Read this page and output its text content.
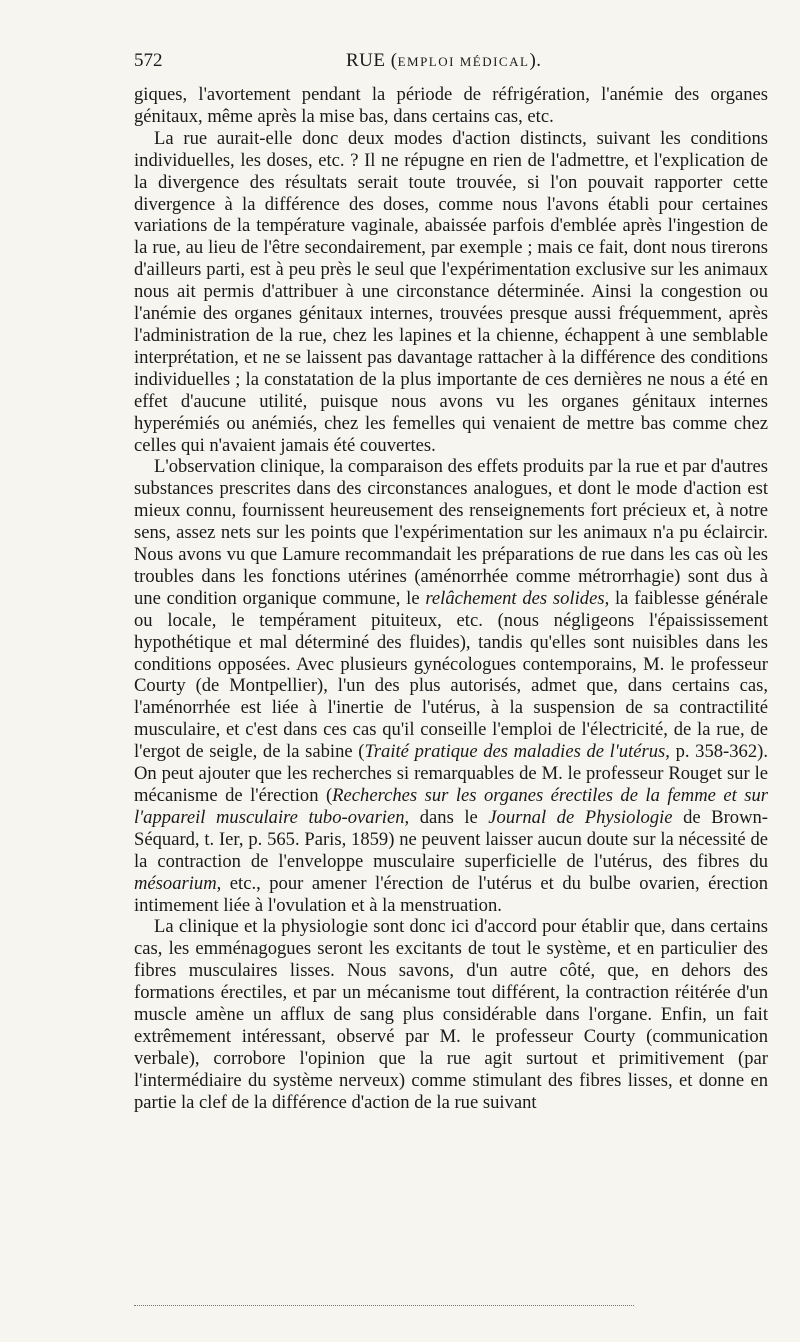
572	RUE (EMPLOI MÉDICAL).

giques, l'avortement pendant la période de réfrigération, l'anémie des organes génitaux, même après la mise bas, dans certains cas, etc.

La rue aurait-elle donc deux modes d'action distincts, suivant les conditions individuelles, les doses, etc. ? Il ne répugne en rien de l'admettre, et l'explication de la divergence des résultats serait toute trouvée, si l'on pouvait rapporter cette divergence à la différence des doses, comme nous l'avons établi pour certaines variations de la température vaginale, abaissée parfois d'emblée après l'ingestion de la rue, au lieu de l'être secondairement, par exemple ; mais ce fait, dont nous tirerons d'ailleurs parti, est à peu près le seul que l'expérimentation exclusive sur les animaux nous ait permis d'attribuer à une circonstance déterminée. Ainsi la congestion ou l'anémie des organes génitaux internes, trouvées presque aussi fréquemment, après l'administration de la rue, chez les lapines et la chienne, échappent à une semblable interprétation, et ne se laissent pas davantage rattacher à la différence des conditions individuelles ; la constatation de la plus importante de ces dernières ne nous a été en effet d'aucune utilité, puisque nous avons vu les organes génitaux internes hyperémiés ou anémiés, chez les femelles qui venaient de mettre bas comme chez celles qui n'avaient jamais été couvertes.

L'observation clinique, la comparaison des effets produits par la rue et par d'autres substances prescrites dans des circonstances analogues, et dont le mode d'action est mieux connu, fournissent heureusement des renseignements fort précieux et, à notre sens, assez nets sur les points que l'expérimentation sur les animaux n'a pu éclaircir. Nous avons vu que Lamure recommandait les préparations de rue dans les cas où les troubles dans les fonctions utérines (aménorrhée comme métrorrhagie) sont dus à une condition organique commune, le relâchement des solides, la faiblesse générale ou locale, le tempérament pituiteux, etc. (nous négligeons l'épaississement hypothétique et mal déterminé des fluides), tandis qu'elles sont nuisibles dans les conditions opposées. Avec plusieurs gynécologues contemporains, M. le professeur Courty (de Montpellier), l'un des plus autorisés, admet que, dans certains cas, l'aménorrhée est liée à l'inertie de l'utérus, à la suspension de sa contractilité musculaire, et c'est dans ces cas qu'il conseille l'emploi de l'électricité, de la rue, de l'ergot de seigle, de la sabine (Traité pratique des maladies de l'utérus, p. 358-362). On peut ajouter que les recherches si remarquables de M. le professeur Rouget sur le mécanisme de l'érection (Recherches sur les organes érectiles de la femme et sur l'appareil musculaire tubo-ovarien, dans le Journal de Physiologie de Brown-Séquard, t. Ier, p. 565. Paris, 1859) ne peuvent laisser aucun doute sur la nécessité de la contraction de l'enveloppe musculaire superficielle de l'utérus, des fibres du mésoarium, etc., pour amener l'érection de l'utérus et du bulbe ovarien, érection intimement liée à l'ovulation et à la menstruation.

La clinique et la physiologie sont donc ici d'accord pour établir que, dans certains cas, les emménagogues seront les excitants de tout le système, et en particulier des fibres musculaires lisses. Nous savons, d'un autre côté, que, en dehors des formations érectiles, et par un mécanisme tout différent, la contraction réitérée d'un muscle amène un afflux de sang plus considérable dans l'organe. Enfin, un fait extrêmement intéressant, observé par M. le professeur Courty (communication verbale), corrobore l'opinion que la rue agit surtout et primitivement (par l'intermédiaire du système nerveux) comme stimulant des fibres lisses, et donne en partie la clef de la différence d'action de la rue suivant
